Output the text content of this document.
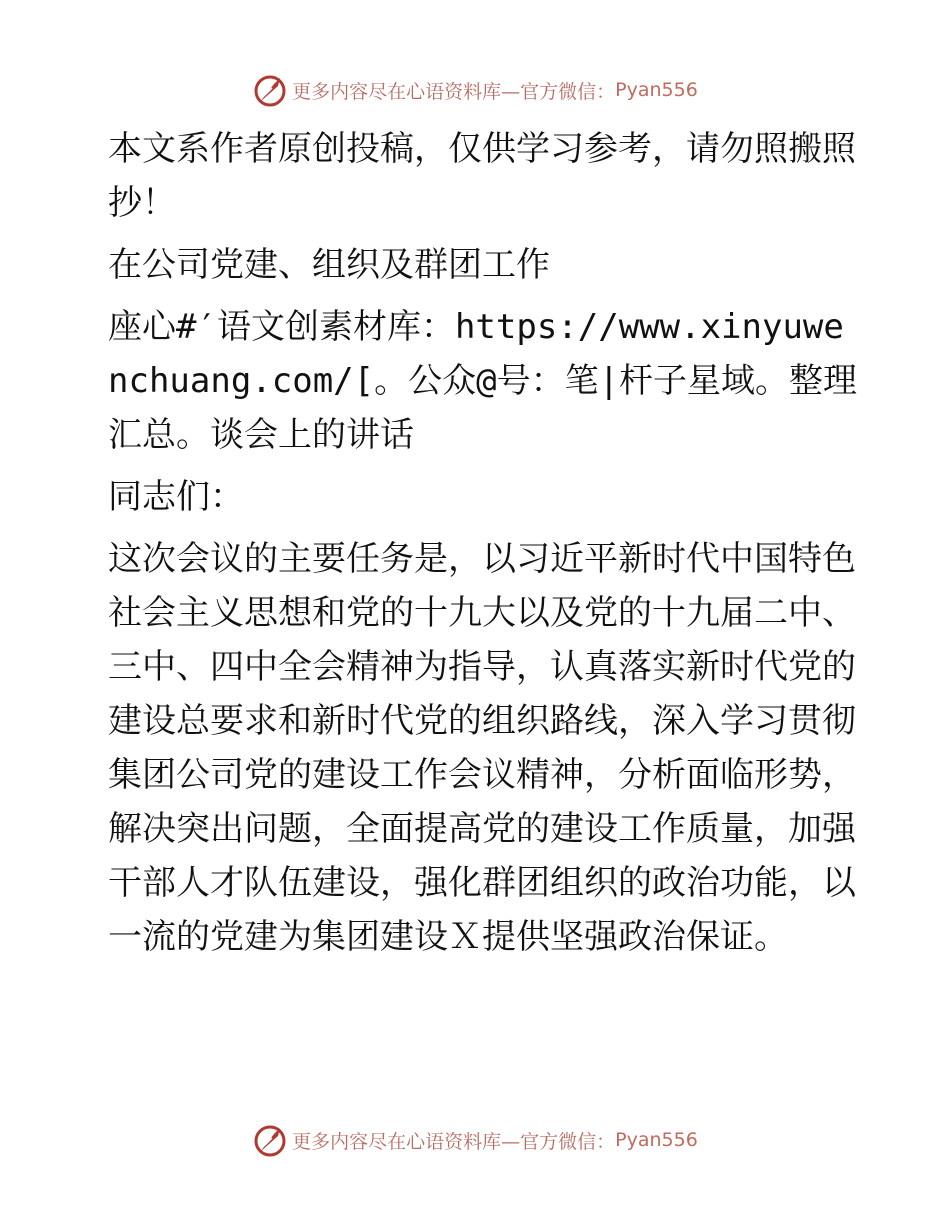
更多内容尽在心语资料库—官方微信： Pyan556

本文系作者原创投稿，仅供学习参考，请勿照搬照抄！

在公司党建、组织及群团工作

座心#′语文创素材库：https://www.xinyuwenchuang.com/[。公众@号：笔|杆子星域。整理汇总。谈会上的讲话

同志们：

这次会议的主要任务是，以习近平新时代中国特色社会主义思想和党的十九大以及党的十九届二中、三中、四中全会精神为指导，认真落实新时代党的建设总要求和新时代党的组织路线，深入学习贯彻集团公司党的建设工作会议精神，分析面临形势，解决突出问题，全面提高党的建设工作质量，加强干部人才队伍建设，强化群团组织的政治功能，以一流的党建为集团建设Ｘ提供坚强政治保证。

更多内容尽在心语资料库—官方微信： Pyan556
